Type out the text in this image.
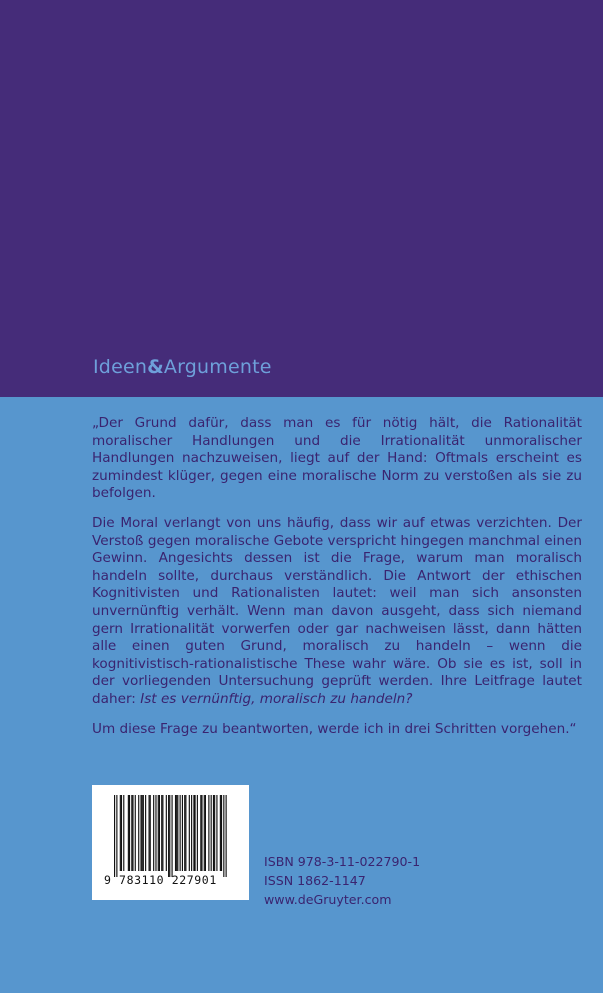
Ideen&Argumente

„Der Grund dafür, dass man es für nötig hält, die Rationalität moralischer Handlungen und die Irrationalität unmoralischer Handlungen nachzuweisen, liegt auf der Hand: Oftmals erscheint es zumindest klüger, gegen eine moralische Norm zu verstoßen als sie zu befolgen.

Die Moral verlangt von uns häufig, dass wir auf etwas verzichten. Der Verstoß gegen moralische Gebote verspricht hingegen manchmal einen Gewinn. Angesichts dessen ist die Frage, warum man moralisch handeln sollte, durchaus verständlich. Die Antwort der ethischen Kognitivisten und Rationalisten lautet: weil man sich ansonsten unvernünftig verhält. Wenn man davon ausgeht, dass sich niemand gern Irrationalität vorwerfen oder gar nachweisen lässt, dann hätten alle einen guten Grund, moralisch zu handeln – wenn die kognitivistisch-rationalistische These wahr wäre. Ob sie es ist, soll in der vorliegenden Untersuchung geprüft werden. Ihre Leitfrage lautet daher: Ist es vernünftig, moralisch zu handeln?

Um diese Frage zu beantworten, werde ich in drei Schritten vorgehen.“

9 783110 227901
ISBN 978-3-11-022790-1
ISSN 1862-1147
www.deGruyter.com
